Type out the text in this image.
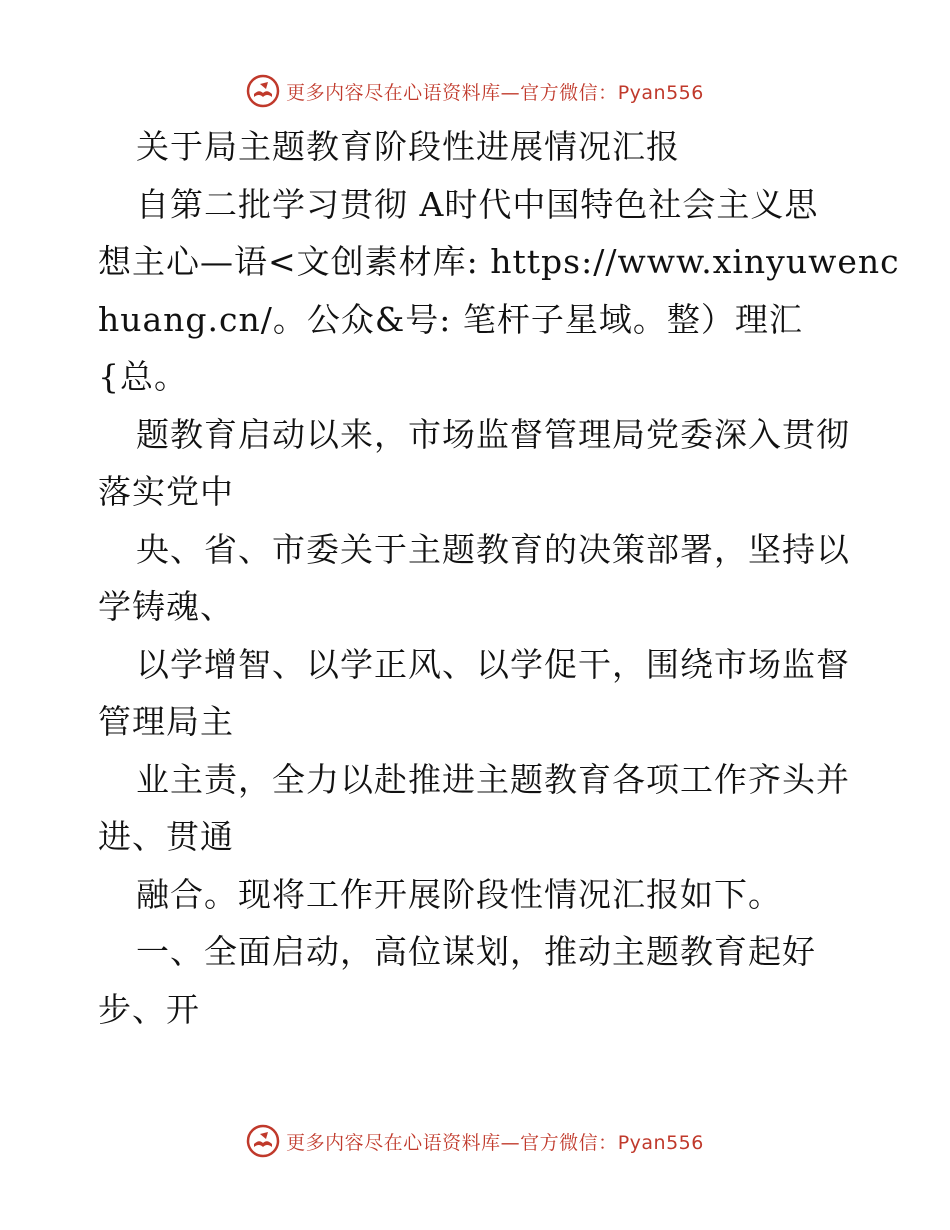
更多内容尽在心语资料库—官方微信：Pyan556
关于局主题教育阶段性进展情况汇报
自第二批学习贯彻 A时代中国特色社会主义思
想主心—语<文创素材库: https://www.xinyuwenc
huang.cn/。公众&号: 笔杆子星域。整）理汇
{总。
题教育启动以来，市场监督管理局党委深入贯彻
落实党中
央、省、市委关于主题教育的决策部署，坚持以
学铸魂、
以学增智、以学正风、以学促干，围绕市场监督
管理局主
业主责，全力以赴推进主题教育各项工作齐头并
进、贯通
融合。现将工作开展阶段性情况汇报如下。
一、全面启动，高位谋划，推动主题教育起好
步、开
更多内容尽在心语资料库—官方微信：Pyan556
